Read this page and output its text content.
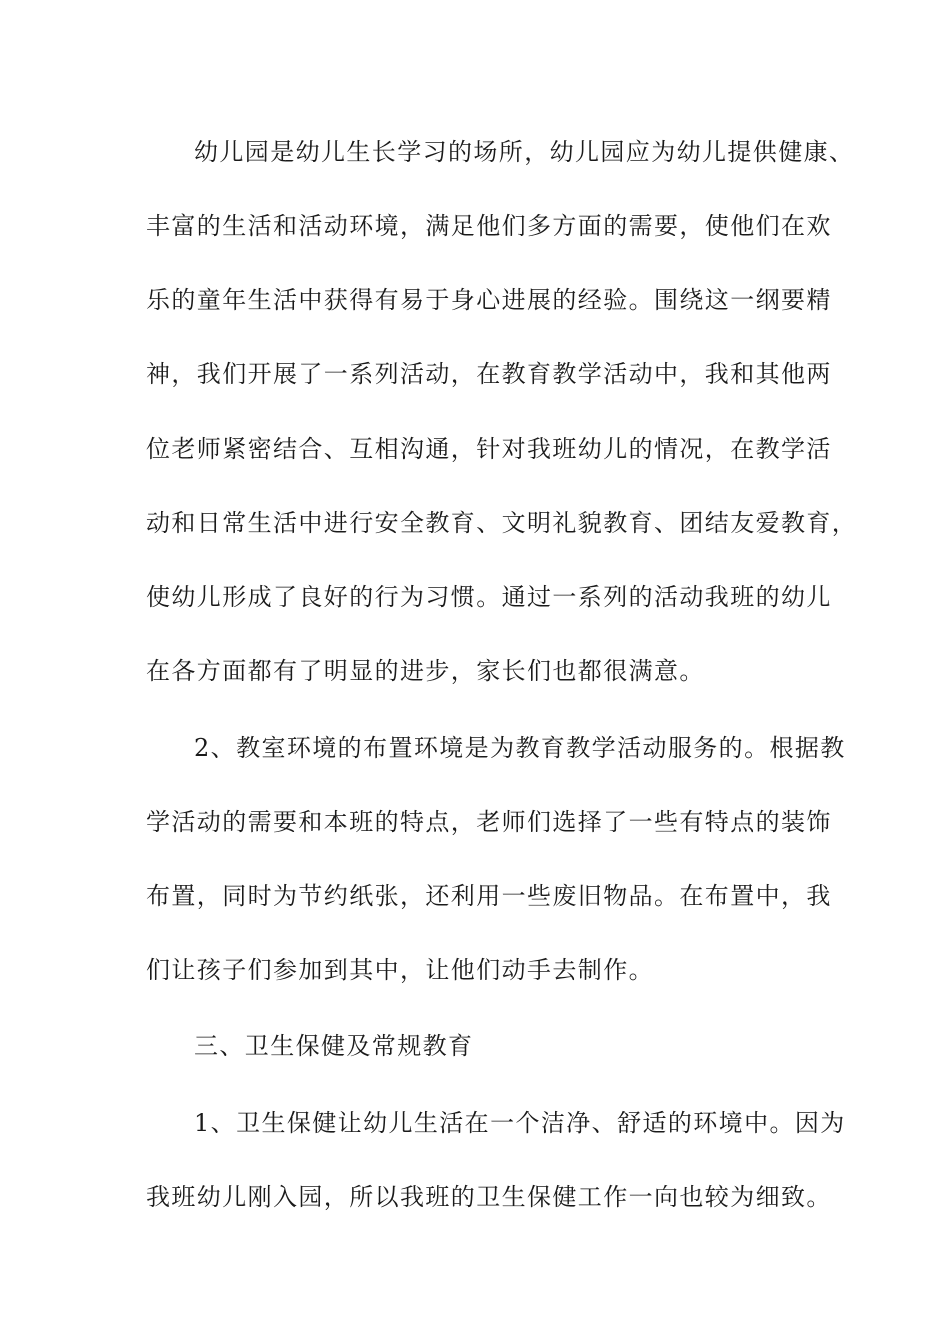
幼儿园是幼儿生长学习的场所，幼儿园应为幼儿提供健康、
丰富的生活和活动环境，满足他们多方面的需要，使他们在欢
乐的童年生活中获得有易于身心进展的经验。围绕这一纲要精
神，我们开展了一系列活动，在教育教学活动中，我和其他两
位老师紧密结合、互相沟通，针对我班幼儿的情况，在教学活
动和日常生活中进行安全教育、文明礼貌教育、团结友爱教育，
使幼儿形成了良好的行为习惯。通过一系列的活动我班的幼儿
在各方面都有了明显的进步，家长们也都很满意。
2、教室环境的布置环境是为教育教学活动服务的。根据教
学活动的需要和本班的特点，老师们选择了一些有特点的装饰
布置，同时为节约纸张，还利用一些废旧物品。在布置中，我
们让孩子们参加到其中，让他们动手去制作。
三、卫生保健及常规教育
1、卫生保健让幼儿生活在一个洁净、舒适的环境中。因为
我班幼儿刚入园，所以我班的卫生保健工作一向也较为细致。
